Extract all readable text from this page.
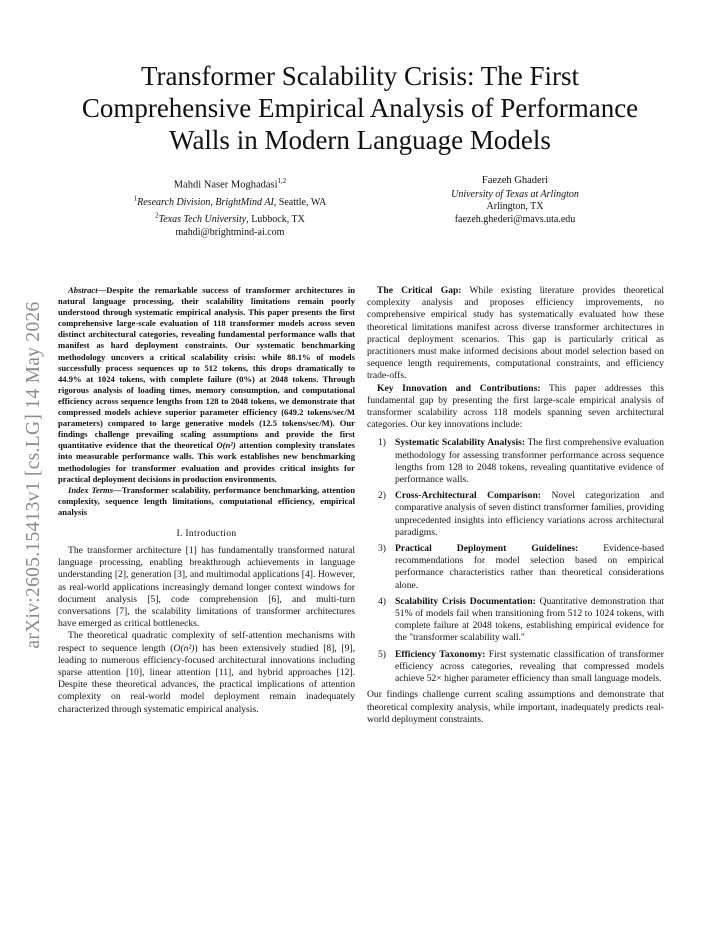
arXiv:2605.15413v1 [cs.LG] 14 May 2026
Transformer Scalability Crisis: The First Comprehensive Empirical Analysis of Performance Walls in Modern Language Models
Mahdi Naser Moghadasi$^{1,2}$
$^1$Research Division, BrightMind AI, Seattle, WA
$^2$Texas Tech University, Lubbock, TX
mahdi@brightmind-ai.com
Faezeh Ghaderi
University of Texas at Arlington
Arlington, TX
faezeh.ghederi@mavs.uta.edu

Abstract—Despite the remarkable success of transformer architectures in natural language processing, their scalability limitations remain poorly understood through systematic empirical analysis. This paper presents the first comprehensive large-scale evaluation of 118 transformer models across seven distinct architectural categories, revealing fundamental performance walls that manifest as hard deployment constraints. Our systematic benchmarking methodology uncovers a critical scalability crisis: while 88.1% of models successfully process sequences up to 512 tokens, this drops dramatically to 44.9% at 1024 tokens, with complete failure (0%) at 2048 tokens. Through rigorous analysis of loading times, memory consumption, and computational efficiency across sequence lengths from 128 to 2048 tokens, we demonstrate that compressed models achieve superior parameter efficiency (649.2 tokens/sec/M parameters) compared to large generative models (12.5 tokens/sec/M). Our findings challenge prevailing scaling assumptions and provide the first quantitative evidence that the theoretical O(n²) attention complexity translates into measurable performance walls. This work establishes new benchmarking methodologies for transformer evaluation and provides critical insights for practical deployment decisions in production environments.

Index Terms—Transformer scalability, performance benchmarking, attention complexity, sequence length limitations, computational efficiency, empirical analysis

I. Introduction

The transformer architecture [1] has fundamentally transformed natural language processing, enabling breakthrough achievements in language understanding [2], generation [3], and multimodal applications [4]. However, as real-world applications increasingly demand longer context windows for document analysis [5], code comprehension [6], and multi-turn conversations [7], the scalability limitations of transformer architectures have emerged as critical bottlenecks.

The theoretical quadratic complexity of self-attention mechanisms with respect to sequence length (O(n²)) has been extensively studied [8], [9], leading to numerous efficiency-focused architectural innovations including sparse attention [10], linear attention [11], and hybrid approaches [12]. Despite these theoretical advances, the practical implications of attention complexity on real-world model deployment remain inadequately characterized through systematic empirical analysis.

The Critical Gap: While existing literature provides theoretical complexity analysis and proposes efficiency improvements, no comprehensive empirical study has systematically evaluated how these theoretical limitations manifest across diverse transformer architectures in practical deployment scenarios. This gap is particularly critical as practitioners must make informed decisions about model selection based on sequence length requirements, computational constraints, and efficiency trade-offs.

Key Innovation and Contributions: This paper addresses this fundamental gap by presenting the first large-scale empirical analysis of transformer scalability across 118 models spanning seven architectural categories. Our key innovations include:

1) Systematic Scalability Analysis: The first comprehensive evaluation methodology for assessing transformer performance across sequence lengths from 128 to 2048 tokens, revealing quantitative evidence of performance walls.
2) Cross-Architectural Comparison: Novel categorization and comparative analysis of seven distinct transformer families, providing unprecedented insights into efficiency variations across architectural paradigms.
3) Practical Deployment Guidelines: Evidence-based recommendations for model selection based on empirical performance characteristics rather than theoretical considerations alone.
4) Scalability Crisis Documentation: Quantitative demonstration that 51% of models fail when transitioning from 512 to 1024 tokens, with complete failure at 2048 tokens, establishing empirical evidence for the "transformer scalability wall."
5) Efficiency Taxonomy: First systematic classification of transformer efficiency across categories, revealing that compressed models achieve 52× higher parameter efficiency than small language models.

Our findings challenge current scaling assumptions and demonstrate that theoretical complexity analysis, while important, inadequately predicts real-world deployment constraints.
